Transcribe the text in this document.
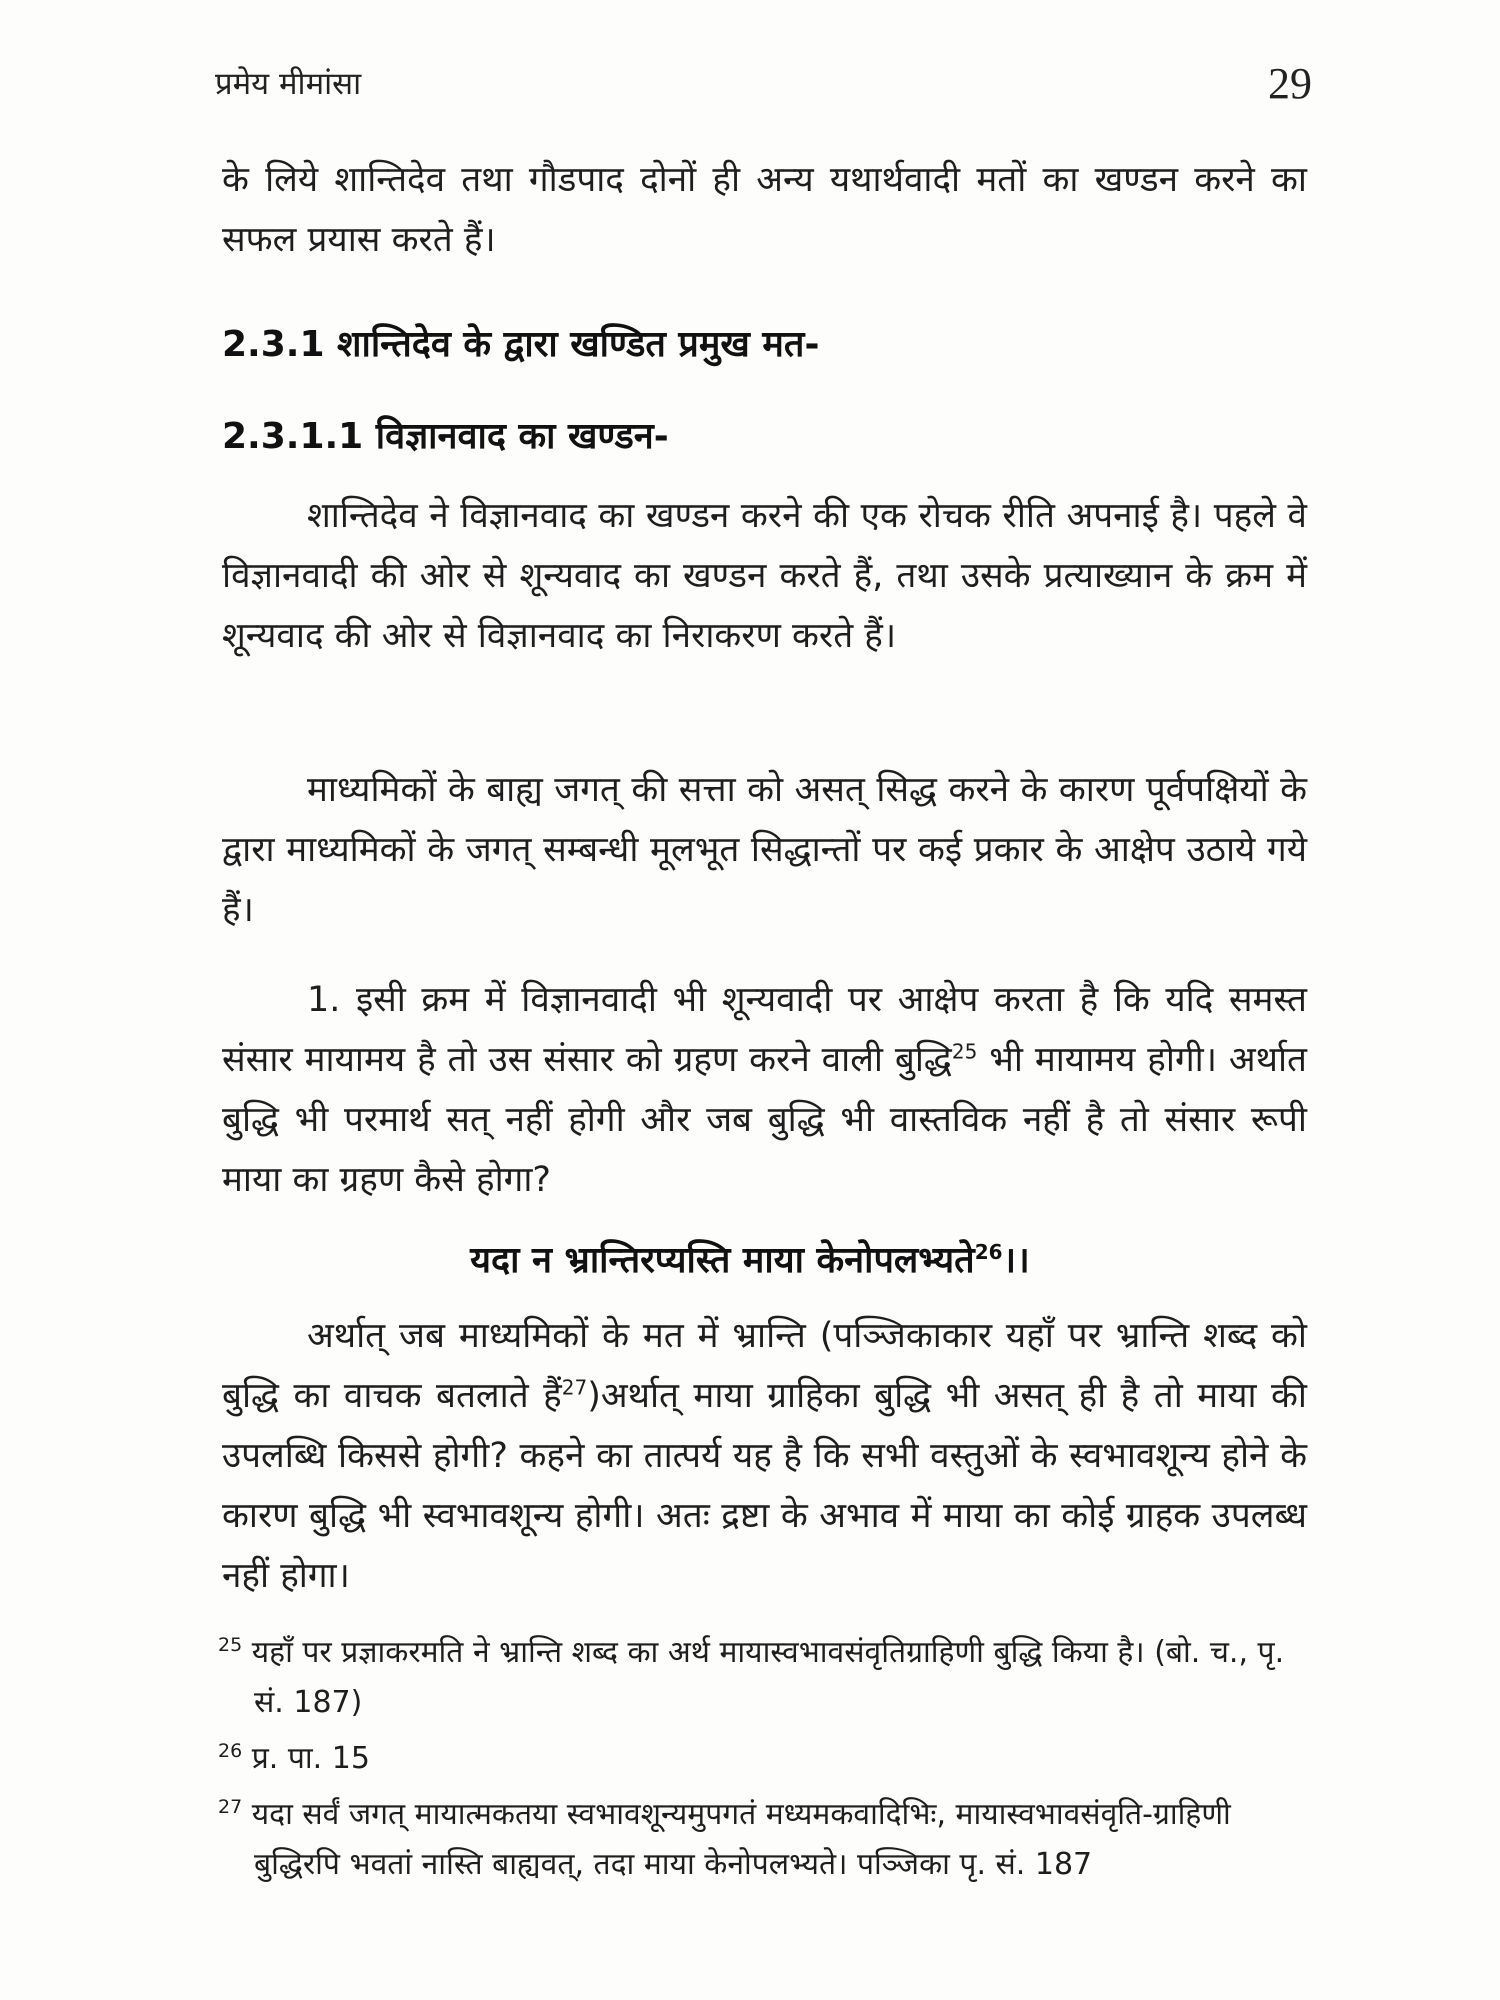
प्रमेय मीमांसा	29

के लिये शान्तिदेव तथा गौडपाद दोनों ही अन्य यथार्थवादी मतों का खण्डन करने का सफल प्रयास करते हैं।

2.3.1 शान्तिदेव के द्वारा खण्डित प्रमुख मत-
2.3.1.1 विज्ञानवाद का खण्डन-

शान्तिदेव ने विज्ञानवाद का खण्डन करने की एक रोचक रीति अपनाई है। पहले वे विज्ञानवादी की ओर से शून्यवाद का खण्डन करते हैं, तथा उसके प्रत्याख्यान के क्रम में शून्यवाद की ओर से विज्ञानवाद का निराकरण करते हैं।

माध्यमिकों के बाह्य जगत् की सत्ता को असत् सिद्ध करने के कारण पूर्वपक्षियों के द्वारा माध्यमिकों के जगत् सम्बन्धी मूलभूत सिद्धान्तों पर कई प्रकार के आक्षेप उठाये गये हैं।

1. इसी क्रम में विज्ञानवादी भी शून्यवादी पर आक्षेप करता है कि यदि समस्त संसार मायामय है तो उस संसार को ग्रहण करने वाली बुद्धि$^{25}$ भी मायामय होगी। अर्थात बुद्धि भी परमार्थ सत् नहीं होगी और जब बुद्धि भी वास्तविक नहीं है तो संसार रूपी माया का ग्रहण कैसे होगा?

यदा न भ्रान्तिरप्यस्ति माया केनोपलभ्यते$^{26}$।।

अर्थात् जब माध्यमिकों के मत में भ्रान्ति (पञ्जिकाकार यहाँ पर भ्रान्ति शब्द को बुद्धि का वाचक बतलाते हैं$^{27}$)अर्थात् माया ग्राहिका बुद्धि भी असत् ही है तो माया की उपलब्धि किससे होगी? कहने का तात्पर्य यह है कि सभी वस्तुओं के स्वभावशून्य होने के कारण बुद्धि भी स्वभावशून्य होगी। अतः द्रष्टा के अभाव में माया का कोई ग्राहक उपलब्ध नहीं होगा।

$^{25}$ यहाँ पर प्रज्ञाकरमति ने भ्रान्ति शब्द का अर्थ मायास्वभावसंवृतिग्राहिणी बुद्धि किया है। (बो. च., पृ. सं. 187)

$^{26}$ प्र. पा. 15

$^{27}$ यदा सर्वं जगत् मायात्मकतया स्वभावशून्यमुपगतं मध्यमकवादिभिः, मायास्वभावसंवृति-ग्राहिणी बुद्धिरपि भवतां नास्ति बाह्यवत्, तदा माया केनोपलभ्यते। पञ्जिका पृ. सं. 187
